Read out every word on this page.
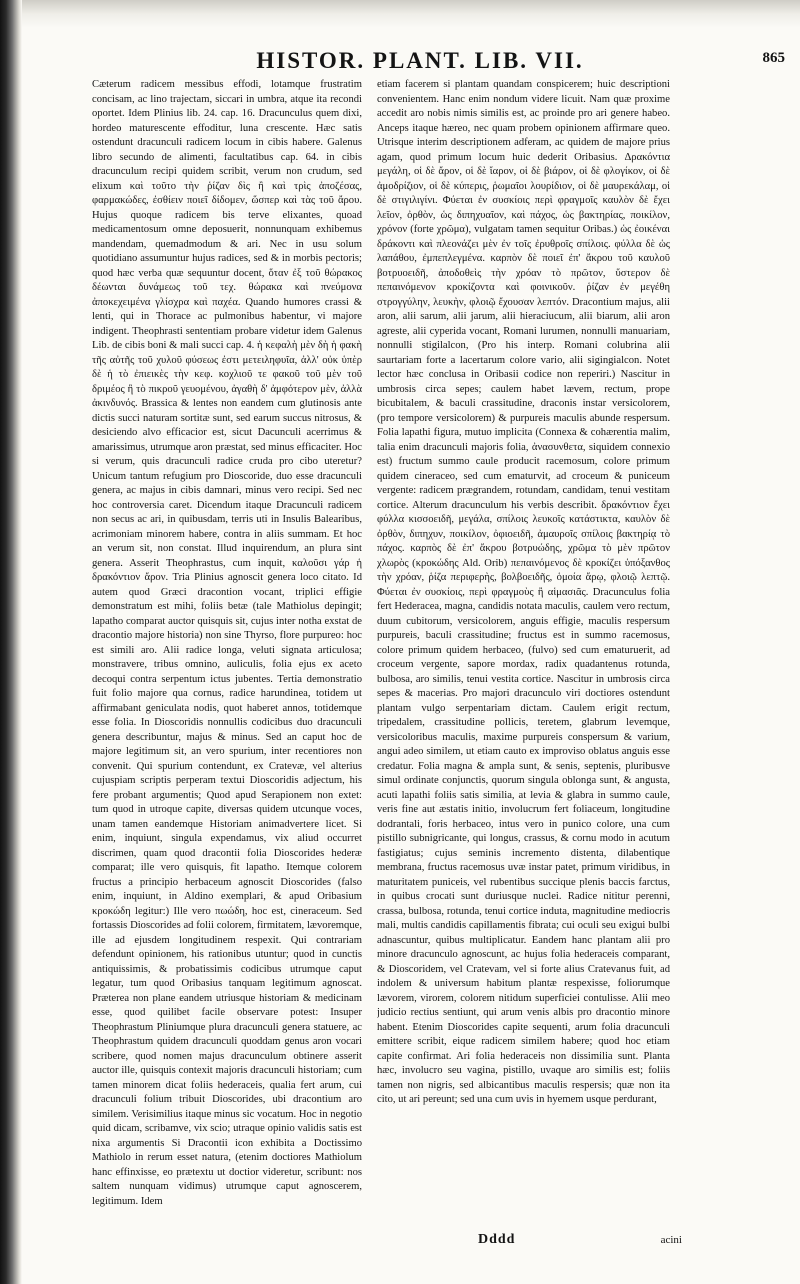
HISTOR. PLANT. LIB. VII.	865

Cæterum radicem messibus effodi, lotamque frustratim concisam, ac lino trajectam, siccari in umbra, atque ita recondi oportet. Idem Plinius lib. 24. cap. 16. Dracunculus quem dixi, hordeo maturescente effoditur, luna crescente. Hæc satis ostendunt dracunculi radicem locum in cibis habere. Galenus libro secundo de alimenti, facultatibus cap. 64. in cibis dracunculum recipi quidem scribit, verum non crudum, sed elixum καὶ τοῦτο τὴν ῥίζαν δὶς ἢ καὶ τρὶς ἀποζέσας, φαρμακώδες, ἐσθίειν ποιεῖ δίδομεν, ὥσπερ καὶ τὰς τοῦ ἄρου. Hujus quoque radicem bis terve elixantes, quoad medicamentosum omne deposuerit, nonnunquam exhibemus mandendam, quemadmodum & ari. Nec in usu solum quotidiano assumuntur hujus radices, sed & in morbis pectoris; quod hæc verba quæ sequuntur docent, ὅταν ἐξ τοῦ θώρακος δέωνται δυνάμεως τοῦ τεχ. θώρακα καὶ πνεύμονα ἀποκεχειμένα γλίσχρα καὶ παχέα. Quando humores crassi & lenti, qui in Thorace ac pulmonibus habentur, vi majore indigent. Theophrasti sententiam probare videtur idem Galenus Lib. de cibis boni & mali succi cap. 4. ἡ κεφαλὴ μὲν δὴ ἡ φακὴ τῆς αὐτῆς τοῦ χυλοῦ φύσεως ἐστι μετειληφυῖα, ἀλλ' οὐκ ὑπὲρ δὲ ἡ τὸ ἐπιεικὲς τὴν κεφ. κοχλιοῦ τε φακοῦ τοῦ μὲν τοῦ δριμέος ἢ τὸ πικροῦ γευομένου, ἀγαθὴ δ' ἀμφότερον μὲν, ἀλλὰ ἀκινδυνός. Brassica & lentes non eandem cum glutinosis ante dictis succi naturam sortitæ sunt, sed earum succus nitrosus, & desiciendo alvo efficacior est, sicut Dacunculi acerrimus & amarissimus, utrumque aron præstat, sed minus efficaciter. Hoc si verum, quis dracunculi radice cruda pro cibo uteretur? Unicum tantum refugium pro Dioscoride, duo esse dracunculi genera, ac majus in cibis damnari, minus vero recipi. Sed nec hoc controversia caret. Dicendum itaque Dracunculi radicem non secus ac ari, in quibusdam, terris uti in Insulis Balearibus, acrimoniam minorem habere, contra in aliis summam. Et hoc an verum sit, non constat. Illud inquirendum, an plura sint genera. Asserit Theophrastus, cum inquit, καλοῦσι γάρ ἡ δρακόντιον ἄρον. Tria Plinius agnoscit genera loco citato. Id autem quod Græci dracontion vocant, triplici effigie demonstratum est mihi, foliis betæ (tale Mathiolus depingit; lapatho comparat auctor quisquis sit, cujus inter notha exstat de dracontio majore historia) non sine Thyrso, flore purpureo: hoc est simili aro. Alii radice longa, veluti signata articulosa; monstravere, tribus omnino, auliculis, folia ejus ex aceto decoqui contra serpentum ictus jubentes. Tertia demonstratio fuit folio majore qua cornus, radice harundinea, totidem ut affirmabant geniculata nodis, quot haberet annos, totidemque esse folia. In Dioscoridis nonnullis codicibus duo dracunculi genera describuntur, majus & minus. Sed an caput hoc de majore legitimum sit, an vero spurium, inter recentiores non convenit. Qui spurium contendunt, ex Cratevæ, vel alterius cujuspiam scriptis perperam textui Dioscoridis adjectum, his fere probant argumentis; Quod apud Serapionem non extet: tum quod in utroque capite, diversas quidem utcunque voces, unam tamen eandemque Historiam animadvertere licet. Si enim, inquiunt, singula expendamus, vix aliud occurret discrimen, quam quod dracontii folia Dioscorides hederæ comparat; ille vero quisquis, fit lapatho. Itemque colorem fructus a principio herbaceum agnoscit Dioscorides (falso enim, inquiunt, in Aldino exemplari, & apud Oribasium κροκώδη legitur:) Ille vero πωώδη, hoc est, cineraceum. Sed fortassis Dioscorides ad folii colorem, firmitatem, lævoremque, ille ad ejusdem longitudinem respexit. Qui contrariam defendunt opinionem, his rationibus utuntur; quod in cunctis antiquissimis, & probatissimis codicibus utrumque caput legatur, tum quod Oribasius tanquam legitimum agnoscat. Præterea non plane eandem utriusque historiam & medicinam esse, quod quilibet facile observare potest: Insuper Theophrastum Pliniumque plura dracunculi genera statuere, ac Theophrastum quidem dracunculi quoddam genus aron vocari scribere, quod nomen majus dracunculum obtinere asserit auctor ille, quisquis contexit majoris dracunculi historiam; cum tamen minorem dicat foliis hederaceis, qualia fert arum, cui dracunculi folium tribuit Dioscorides, ubi dracontium aro similem. Verisimilius itaque minus sic vocatum. Hoc in negotio quid dicam, scribamve, vix scio; utraque opinio validis satis est nixa argumentis Si Dracontii icon exhibita a Doctissimo Mathiolo in rerum esset natura, (etenim doctiores Mathiolum hanc effinxisse, eo prætextu ut doctior videretur, scribunt: nos saltem nunquam vidimus) utrumque caput agnoscerem, legitimum. Idem

etiam facerem si plantam quandam conspicerem; huic descriptioni convenientem. Hanc enim nondum videre licuit. Nam quæ proxime accedit aro nobis nimis similis est, ac proinde pro ari genere habeo. Anceps itaque hæreo, nec quam probem opinionem affirmare queo. Utrisque interim descriptionem adferam, ac quidem de majore prius agam, quod primum locum huic dederit Oribasius. Δρακόντια μεγάλη, οἱ δὲ ἄρον, οἱ δὲ ἴαρον, οἱ δὲ βιάρον, οἱ δὲ φλογίκον, οἱ δὲ ἀμοδρίζιον, οἱ δὲ κύπερις, ῥωμαῖοι λουρίδιον, οἱ δὲ μαυρεκάλαμ, οἱ δὲ στιγιλιγίνι. Φύεται ἐν συσκίοις περὶ φραγμοῖς καυλὸν δὲ ἔχει λεῖον, ὀρθὸν, ὡς διπηχυαῖον, καὶ πάχος, ὡς βακτηρίας, ποικίλον, χρόνον (forte χρῶμα), vulgatam tamen sequitur Oribas.) ὡς ἐοικέναι δράκοντι καὶ πλεονάζει μὲν ἐν τοῖς ἐρυθροῖς σπίλοις. φύλλα δὲ ὡς λαπάθου, ἐμπεπλεγμένα. καρπὸν δὲ ποιεῖ ἐπ' ἄκρου τοῦ καυλοῦ βοτρυοειδῆ, ἀποδοθεὶς τὴν χρόαν τὸ πρῶτον, ὕστερον δὲ πεπαινόμενον κροκίζοντα καὶ φοινικοῦν. ῥίζαν ἐν μεγέθη στρογγύλην, λευκὴν, φλοιῷ ἔχουσαν λεπτόν. Dracontium majus, alii aron, alii sarum, alii jarum, alii hieraciucum, alii biarum, alii aron agreste, alii cyperida vocant, Romani lurumen, nonnulli manuariam, nonnulli stigilalcon, (Pro his interp. Romani colubrina alii saurtariam forte a lacertarum colore vario, alii sigingialcon. Notet lector hæc conclusa in Oribasii codice non reperiri.) Nascitur in umbrosis circa sepes; caulem habet lævem, rectum, prope bicubitalem, & baculi crassitudine, draconis instar versicolorem, (pro tempore versicolorem) & purpureis maculis abunde respersum. Folia lapathi figura, mutuo implicita (Connexa & cohærentia malim, talia enim dracunculi majoris folia, ἀνασυνθετα, siquidem connexio est) fructum summo caule producit racemosum, colore primum quidem cineraceo, sed cum ematurvit, ad croceum & puniceum vergente: radicem prægrandem, rotundam, candidam, tenui vestitam cortice. Alterum dracunculum his verbis describit. δρακόντιον ἔχει φύλλα κισσοειδῆ, μεγάλα, σπίλοις λευκοῖς κατάστικτα, καυλὸν δὲ ὀρθὸν, διπηχυν, ποικίλον, ὀφιοειδῆ, ἀμαυροῖς σπίλοις βακτηρίᾳ τὸ πάχος. καρπὸς δὲ ἐπ' ἄκρου βοτρυώδης, χρῶμα τὸ μὲν πρῶτον χλωρὸς (κροκώδης Ald. Orib) πεπαινόμενος δὲ κροκίζει ὑπόξανθος τὴν χρόαν, ῥίζα περιφερὴς, βολβοειδῆς, ὁμοία ἄρῳ, φλοιῷ λεπτῷ. Φύεται ἐν συσκίοις, περὶ φραγμοὺς ἢ αἱμασιᾶς. Dracunculus folia fert Hederacea, magna, candidis notata maculis, caulem vero rectum, duum cubitorum, versicolorem, anguis effigie, maculis respersum purpureis, baculi crassitudine; fructus est in summo racemosus, colore primum quidem herbaceo, (fulvo) sed cum ematuruerit, ad croceum vergente, sapore mordax, radix quadantenus rotunda, bulbosa, aro similis, tenui vestita cortice. Nascitur in umbrosis circa sepes & macerias. Pro majori dracunculo viri doctiores ostendunt plantam vulgo serpentariam dictam. Caulem erigit rectum, tripedalem, crassitudine pollicis, teretem, glabrum levemque, versicoloribus maculis, maxime purpureis conspersum & varium, angui adeo similem, ut etiam cauto ex improviso oblatus anguis esse credatur. Folia magna & ampla sunt, & senis, septenis, pluribusve simul ordinate conjunctis, quorum singula oblonga sunt, & angusta, acuti lapathi foliis satis similia, at levia & glabra in summo caule, veris fine aut æstatis initio, involucrum fert foliaceum, longitudine dodrantali, foris herbaceo, intus vero in punico colore, una cum pistillo subnigricante, qui longus, crassus, & cornu modo in acutum fastigiatus; cujus seminis incremento distenta, dilabentique membrana, fructus racemosus uvæ instar patet, primum viridibus, in maturitatem puniceis, vel rubentibus succique plenis baccis farctus, in quibus crocati sunt duriusque nuclei. Radice nititur perenni, crassa, bulbosa, rotunda, tenui cortice induta, magnitudine mediocris mali, multis candidis capillamentis fibrata; cui oculi seu exigui bulbi adnascuntur, quibus multiplicatur. Eandem hanc plantam alii pro minore dracunculo agnoscunt, ac hujus folia hederaceis comparant, & Dioscoridem, vel Cratevam, vel si forte alius Cratevanus fuit, ad indolem & universum habitum plantæ respexisse, foliorumque lævorem, virorem, colorem nitidum superficiei contulisse. Alii meo judicio rectius sentiunt, qui arum venis albis pro dracontio minore habent. Etenim Dioscorides capite sequenti, arum folia dracunculi emittere scribit, eique radicem similem habere; quod hoc etiam capite confirmat. Ari folia hederaceis non dissimilia sunt. Planta hæc, involucro seu vagina, pistillo, uvaque aro similis est; foliis tamen non nigris, sed albicantibus maculis respersis; quæ non ita cito, ut ari pereunt; sed una cum uvis in hyemem usque perdurant,

Dddd	acini
